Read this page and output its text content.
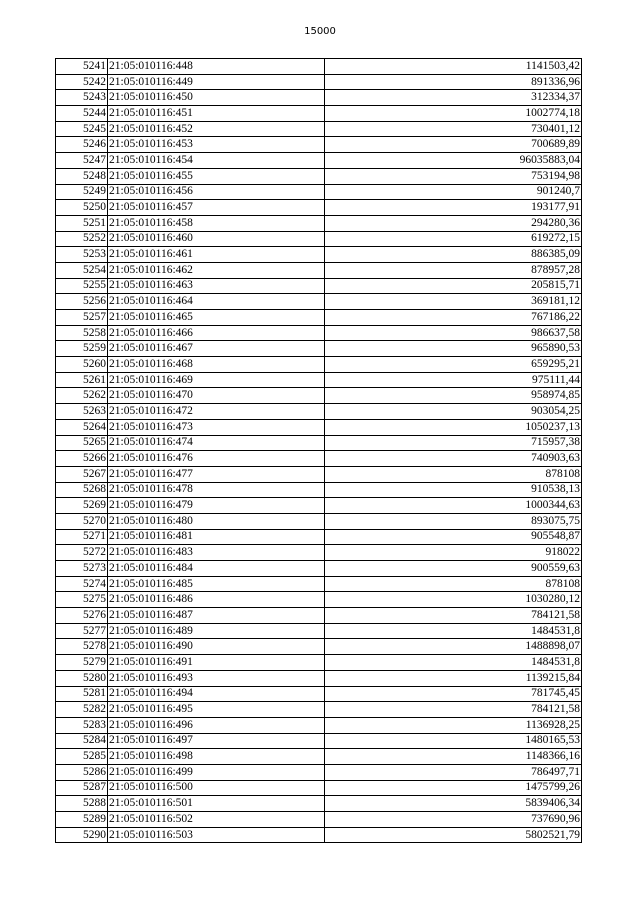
15000
5241	21:05:010116:448	1141503,42
5242	21:05:010116:449	891336,96
5243	21:05:010116:450	312334,37
5244	21:05:010116:451	1002774,18
5245	21:05:010116:452	730401,12
5246	21:05:010116:453	700689,89
5247	21:05:010116:454	96035883,04
5248	21:05:010116:455	753194,98
5249	21:05:010116:456	901240,7
5250	21:05:010116:457	193177,91
5251	21:05:010116:458	294280,36
5252	21:05:010116:460	619272,15
5253	21:05:010116:461	886385,09
5254	21:05:010116:462	878957,28
5255	21:05:010116:463	205815,71
5256	21:05:010116:464	369181,12
5257	21:05:010116:465	767186,22
5258	21:05:010116:466	986637,58
5259	21:05:010116:467	965890,53
5260	21:05:010116:468	659295,21
5261	21:05:010116:469	975111,44
5262	21:05:010116:470	958974,85
5263	21:05:010116:472	903054,25
5264	21:05:010116:473	1050237,13
5265	21:05:010116:474	715957,38
5266	21:05:010116:476	740903,63
5267	21:05:010116:477	878108
5268	21:05:010116:478	910538,13
5269	21:05:010116:479	1000344,63
5270	21:05:010116:480	893075,75
5271	21:05:010116:481	905548,87
5272	21:05:010116:483	918022
5273	21:05:010116:484	900559,63
5274	21:05:010116:485	878108
5275	21:05:010116:486	1030280,12
5276	21:05:010116:487	784121,58
5277	21:05:010116:489	1484531,8
5278	21:05:010116:490	1488898,07
5279	21:05:010116:491	1484531,8
5280	21:05:010116:493	1139215,84
5281	21:05:010116:494	781745,45
5282	21:05:010116:495	784121,58
5283	21:05:010116:496	1136928,25
5284	21:05:010116:497	1480165,53
5285	21:05:010116:498	1148366,16
5286	21:05:010116:499	786497,71
5287	21:05:010116:500	1475799,26
5288	21:05:010116:501	5839406,34
5289	21:05:010116:502	737690,96
5290	21:05:010116:503	5802521,79
